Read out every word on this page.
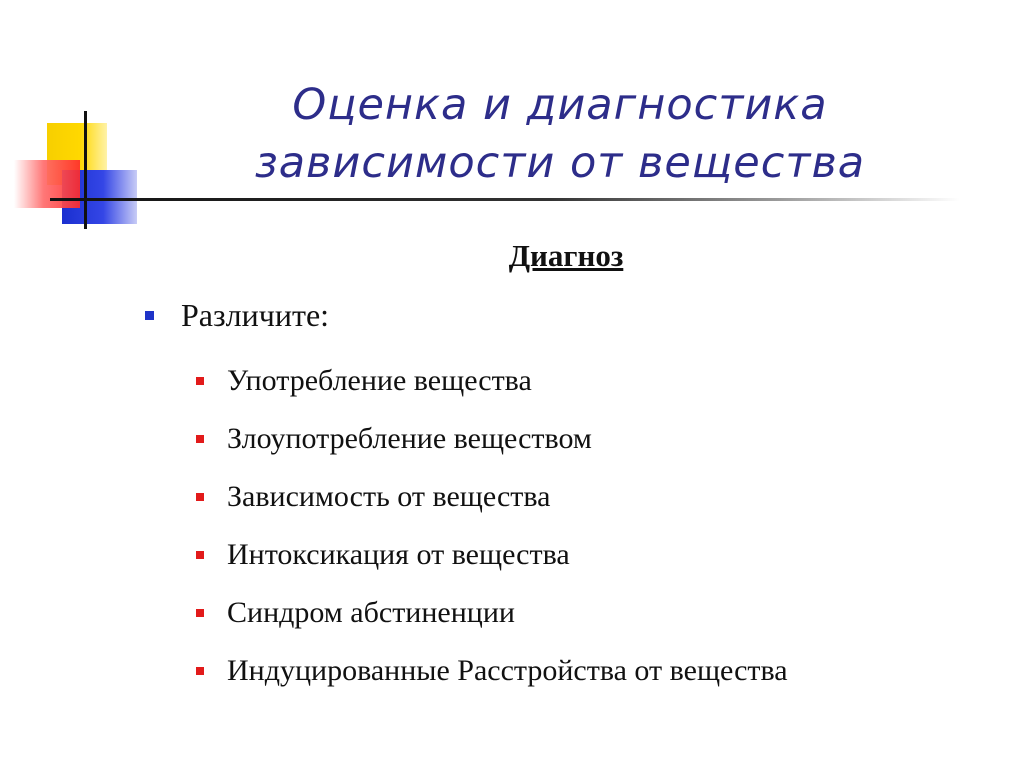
Оценка и диагностика
зависимости от вещества
Диагноз
Различите:
Употребление вещества
Злоупотребление веществом
Зависимость от вещества
Интоксикация от вещества
Синдром абстиненции
Индуцированные Расстройства от вещества
